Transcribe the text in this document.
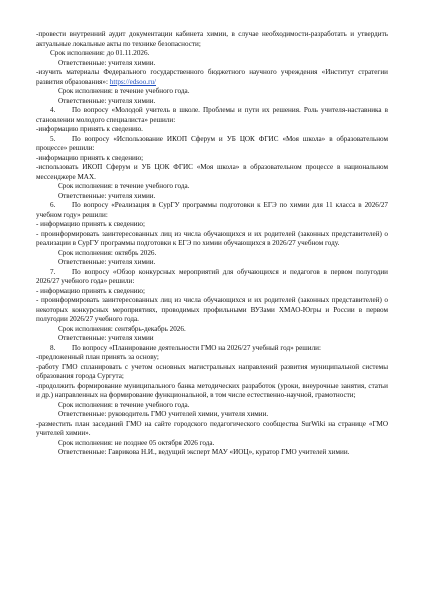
-провести внутренний аудит документации кабинета химии, в случае необходимости-разработать и утвердить актуальные локальные акты по технике безопасности;

Срок исполнения: до 01.11.2026.

Ответственные: учителя химии.

-изучить материалы Федерального государственного бюджетного научного учреждения «Институт стратегии развития образования»: https://edsoo.ru/

Срок исполнения: в течение учебного года.

Ответственные: учителя химии.

4. По вопросу «Молодой учитель в школе. Проблемы и пути их решения. Роль учителя-наставника в становлении молодого специалиста» решили:

-информацию принять к сведению.

5. По вопросу «Использование ИКОП Сферум и УБ ЦОК ФГИС «Моя школа» в образовательном процессе» решили:

-информацию принять к сведению;

-использовать ИКОП Сферум и УБ ЦОК ФГИС «Моя школа» в образовательном процессе в национальном мессенджере MAX.

Срок исполнения: в течение учебного года.

Ответственные: учителя химии.

6. По вопросу «Реализация в СурГУ программы подготовки к ЕГЭ по химии для 11 класса в 2026/27 учебном году» решили:

- информацию принять к сведению;

- проинформировать заинтересованных лиц из числа обучающихся и их родителей (законных представителей) о реализации в СурГУ программы подготовки к ЕГЭ по химии обучающихся в 2026/27 учебном году.

Срок исполнения: октябрь 2026.

Ответственные: учителя химии.

7. По вопросу «Обзор конкурсных мероприятий для обучающихся и педагогов в первом полугодии 2026/27 учебного года» решили:

- информацию принять к сведению;

- проинформировать заинтересованных лиц из числа обучающихся и их родителей (законных представителей) о некоторых конкурсных мероприятиях, проводимых профильными ВУЗами ХМАО-Югры и России в первом полугодии 2026/27 учебного года.

Срок исполнения: сентябрь-декабрь 2026.

Ответственные: учителя химии

8. По вопросу «Планирование деятельности ГМО на 2026/27 учебный год» решили:

-предложенный план принять за основу;

-работу ГМО спланировать с учетом основных магистральных направлений развития муниципальной системы образования города Сургута;

-продолжить формирование муниципального банка методических разработок (уроки, внеурочные занятия, статьи и др.) направленных на формирование функциональной, в том числе естественно-научной, грамотности;

Срок исполнения: в течение учебного года.

Ответственные: руководитель ГМО учителей химии, учителя химии.

-разместить план заседаний ГМО на сайте городского педагогического сообщества SurWiki на странице «ГМО учителей химии».

Срок исполнения: не позднее 05 октября 2026 года.

Ответственные: Гаврикова Н.И., ведущий эксперт МАУ «ИОЦ», куратор ГМО учителей химии.
